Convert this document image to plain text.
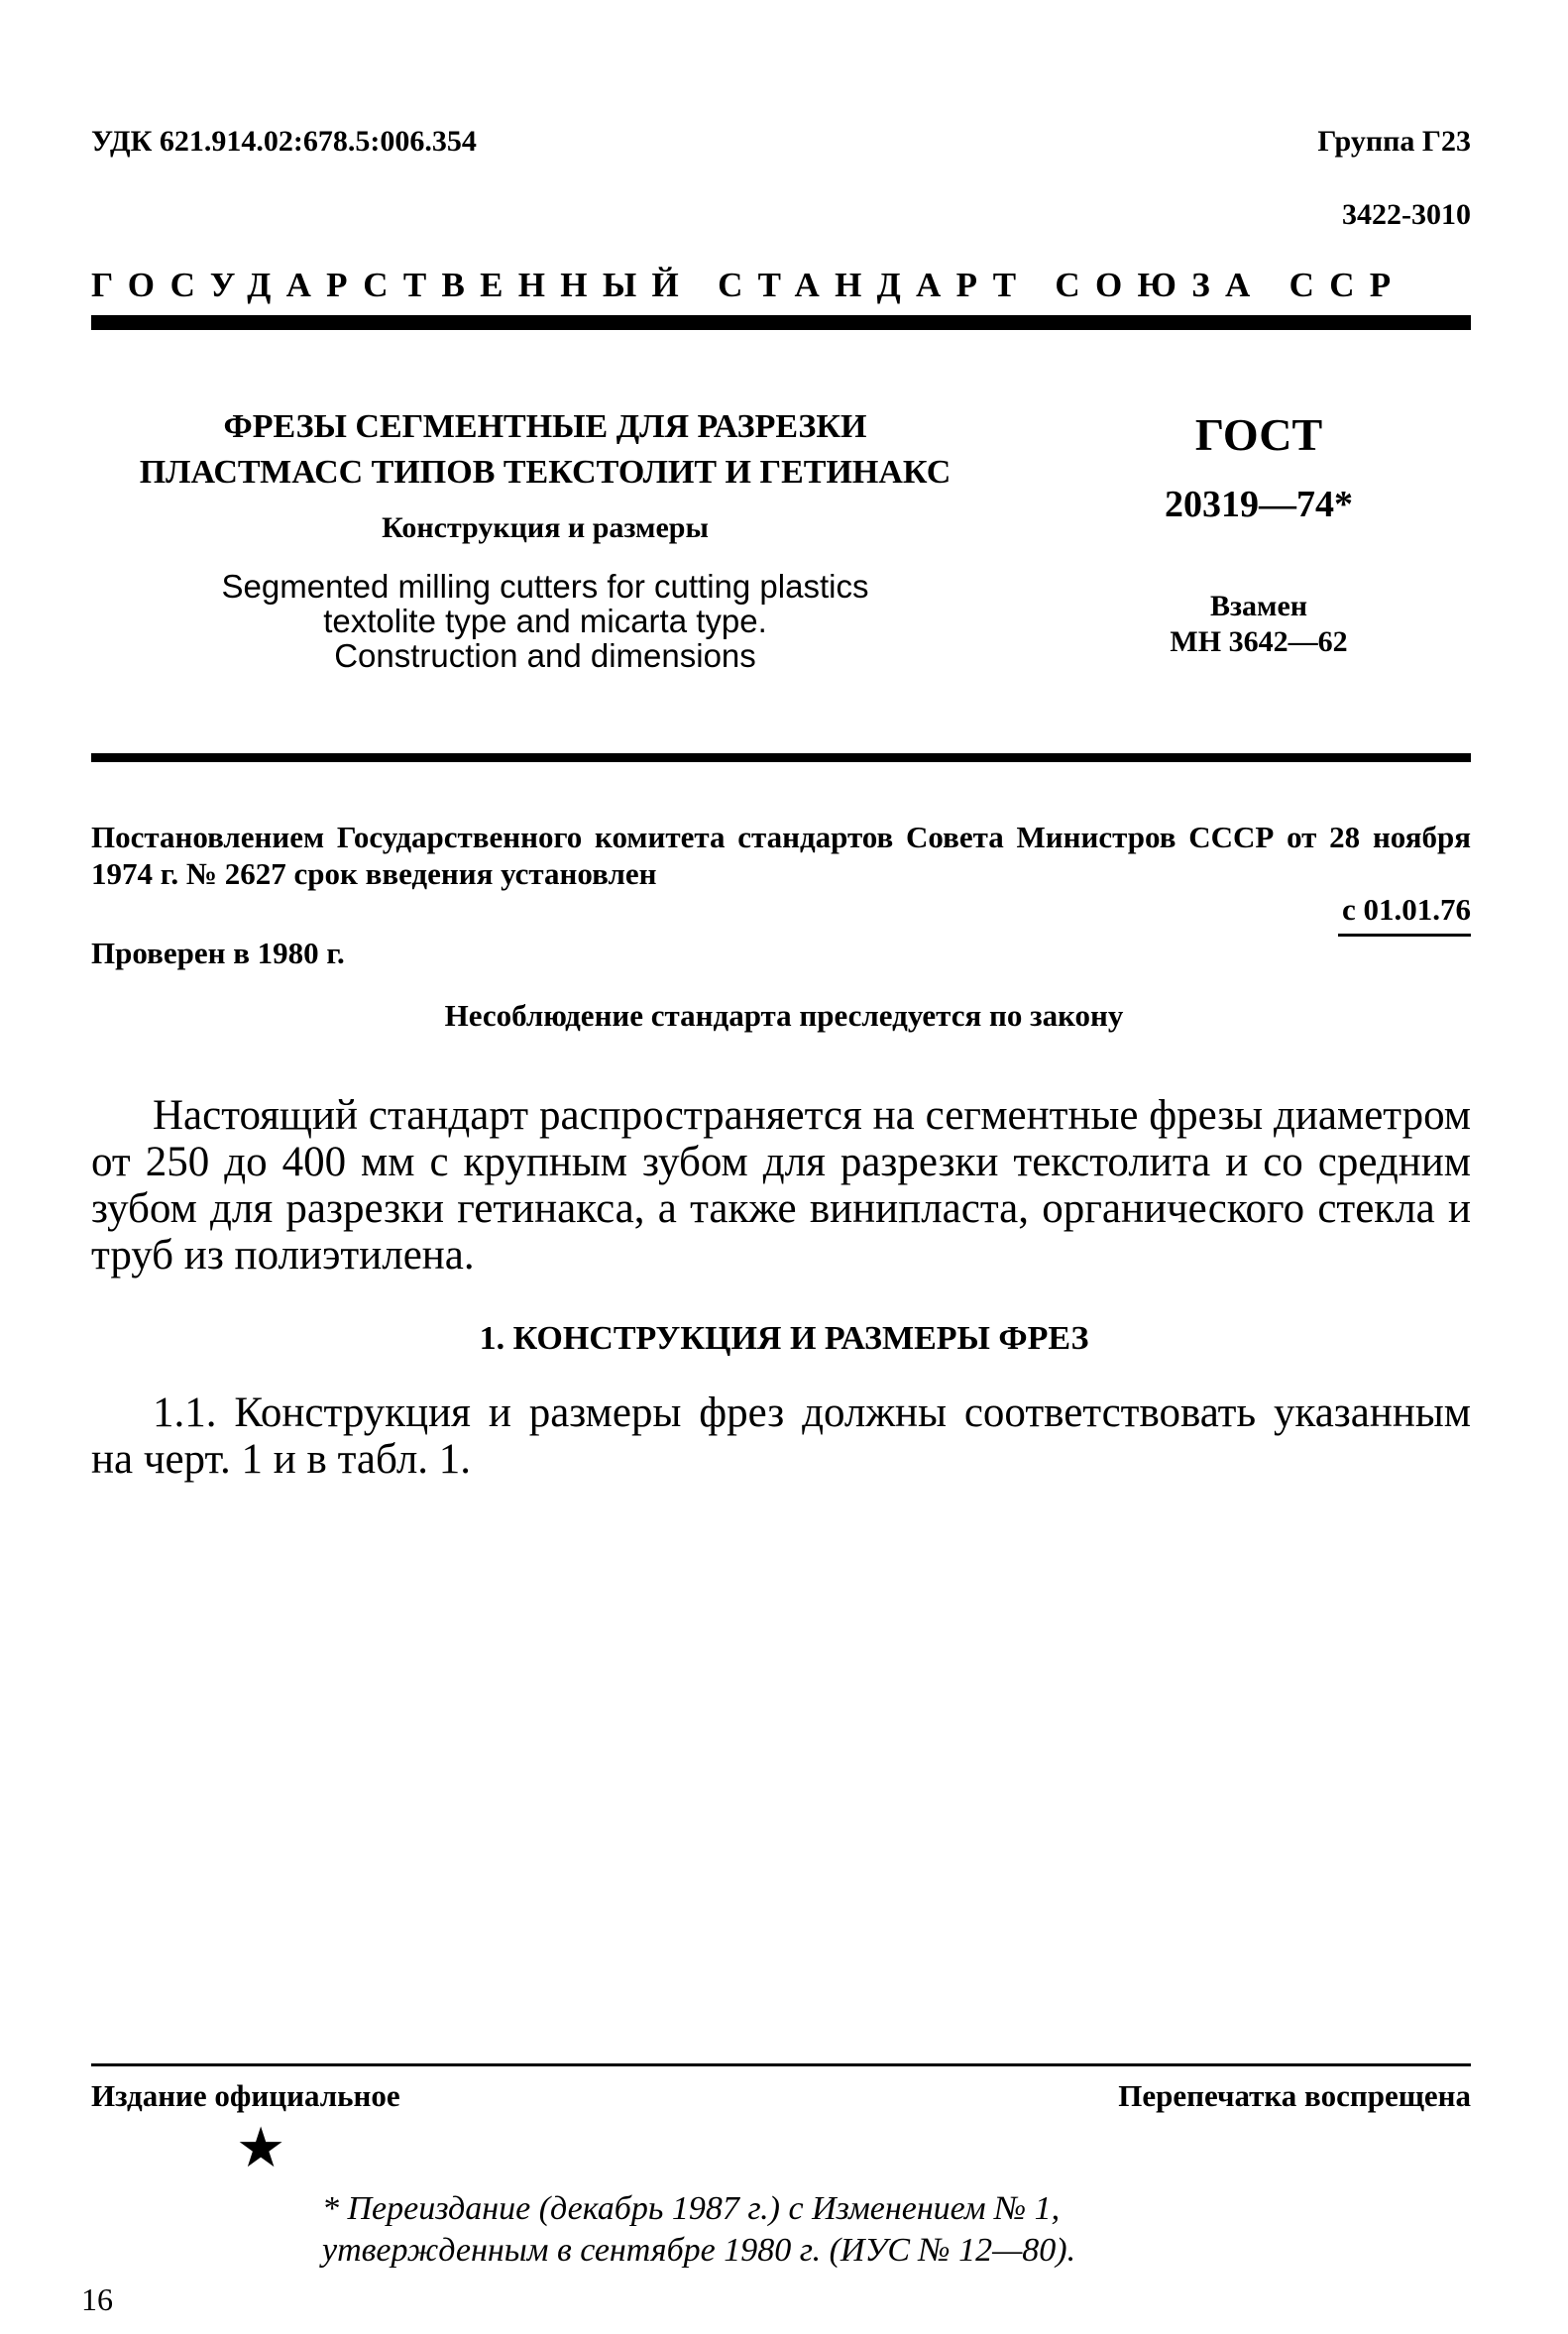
УДК 621.914.02:678.5:006.354	Группа Г23
3422-3010
ГОСУДАРСТВЕННЫЙ СТАНДАРТ СОЮЗА ССР
ФРЕЗЫ СЕГМЕНТНЫЕ ДЛЯ РАЗРЕЗКИ
ПЛАСТМАСС ТИПОВ ТЕКСТОЛИТ И ГЕТИНАКС
Конструкция и размеры
Segmented milling cutters for cutting plastics
textolite type and micarta type.
Construction and dimensions
ГОСТ
20319—74*
Взамен
МН 3642—62
Постановлением Государственного комитета стандартов Совета Министров СССР от 28 ноября 1974 г. № 2627 срок введения установлен
с 01.01.76
Проверен в 1980 г.
Несоблюдение стандарта преследуется по закону
Настоящий стандарт распространяется на сегментные фрезы диаметром от 250 до 400 мм с крупным зубом для разрезки текстолита и со средним зубом для разрезки гетинакса, а также винипласта, органического стекла и труб из полиэтилена.
1. КОНСТРУКЦИЯ И РАЗМЕРЫ ФРЕЗ
1.1. Конструкция и размеры фрез должны соответствовать указанным на черт. 1 и в табл. 1.
Издание официальное	Перепечатка воспрещена
★
* Переиздание (декабрь 1987 г.) с Изменением № 1,
утвержденным в сентябре 1980 г. (ИУС № 12—80).
16
